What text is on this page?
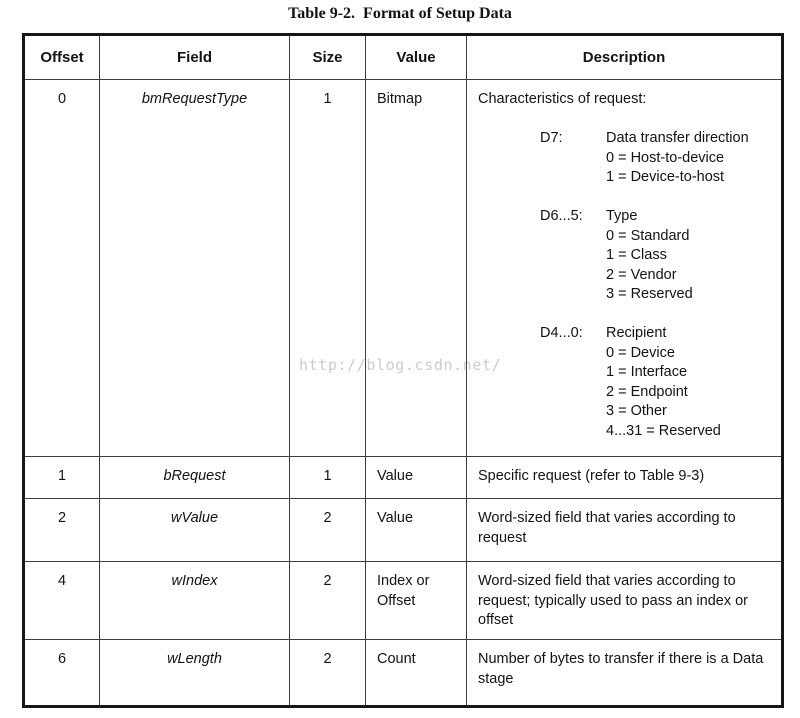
Table 9-2.  Format of Setup Data
http://blog.csdn.net/
Offset	Field	Size	Value	Description
0	bmRequestType	1	Bitmap	Characteristics of request:
D7:	Data transfer direction
0 = Host-to-device
1 = Device-to-host
D6...5:	Type
0 = Standard
1 = Class
2 = Vendor
3 = Reserved
D4...0:	Recipient
0 = Device
1 = Interface
2 = Endpoint
3 = Other
4...31 = Reserved

1	bRequest	1	Value	Specific request (refer to Table 9-3)
2	wValue	2	Value	Word-sized field that varies according to request
4	wIndex	2	Index or Offset	Word-sized field that varies according to request; typically used to pass an index or offset
6	wLength	2	Count	Number of bytes to transfer if there is a Data stage
